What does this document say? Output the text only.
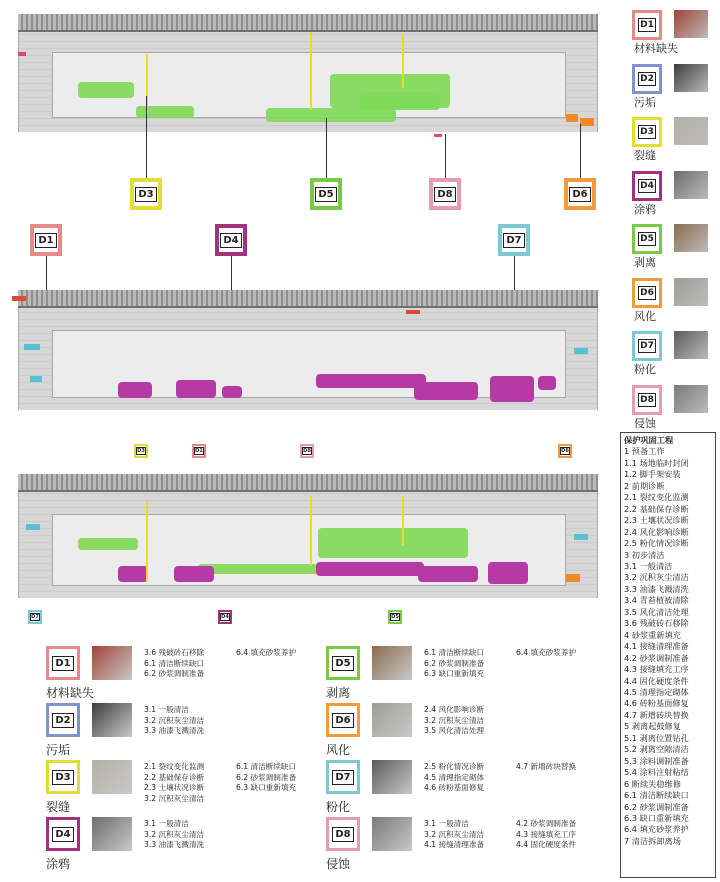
D3	D5	D8	D6
D1	D4	D7
D3	D1	D8	D6
D7	D4	D5
D1
材料缺失
D2
污垢
D3
裂缝
D4
涂鸦
D5
剥离
D6
风化
D7
粉化
D8
侵蚀
保护巩固工程
1 预备工作
1.1 场地临时封闭
1.2 脚手架安装
2 前期诊断
2.1 裂纹变化监测
2.2 基础保存诊断
2.3 土壤状况诊断
2.4 风化影响诊断
2.5 粉化情况诊断
3 初步清洁
3.1 一般清洁
3.2 沉积灰尘清洁
3.3 油漆飞溅清洗
3.4 青苔植被清除
3.5 风化清洁处理
3.6 残破砖石移除
4 砂浆重新填充
4.1 接缝清理准备
4.2 砂浆调制准备
4.3 接缝填充工序
4.4 固化硬度条件
4.5 清理指定砌体
4.6 砖粉基面修复
4.7 新增砖块替换
5 剥离起鼓修复
5.1 剥离位置钻孔
5.2 剥离空隙清洁
5.3 涂料调制准备
5.4 涂料注射粘结
6 断续失稳维修
6.1 清洁断续缺口
6.2 砂浆调制准备
6.3 缺口重新填充
6.4 填充砂浆养护
7 清洁拆卸离场
D1
材料缺失
3.6 残破砖石移除
6.1 清洁断续缺口
6.2 砂浆调制准备
6.4 填充砂浆养护
D5
剥离
6.1 清洁断续缺口
6.2 砂浆调制准备
6.3 缺口重新填充
6.4 填充砂浆养护
D2
污垢
3.1 一般清洁
3.2 沉积灰尘清洁
3.3 油漆飞溅清洗
D6
风化
2.4 风化影响诊断
3.2 沉积灰尘清洁
3.5 风化清洁处理
D3
裂缝
2.1 裂纹变化监测
2.2 基础保存诊断
2.3 土壤状况诊断
3.2 沉积灰尘清洁
6.1 清洁断续缺口
6.2 砂浆调制准备
6.3 缺口重新填充
D7
粉化
2.5 粉化情况诊断
4.5 清理指定砌体
4.6 砖粉基面修复
4.7 新增砖块替换
D4
涂鸦
3.1 一般清洁
3.2 沉积灰尘清洁
3.3 油漆飞溅清洗
D8
侵蚀
3.1 一般清洁
3.2 沉积灰尘清洁
4.1 接缝清理准备
4.2 砂浆调制准备
4.3 接缝填充工序
4.4 固化硬度条件
